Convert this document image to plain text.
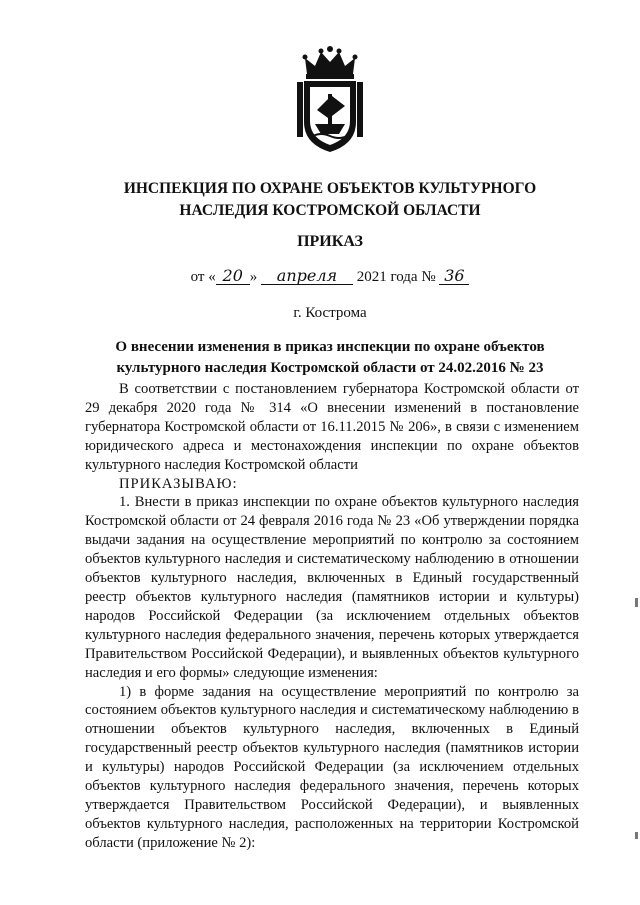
ИНСПЕКЦИЯ ПО ОХРАНЕ ОБЪЕКТОВ КУЛЬТУРНОГО
НАСЛЕДИЯ КОСТРОМСКОЙ ОБЛАСТИ
ПРИКАЗ
от « 20 » апреля 2021 года № 36
г. Кострома
О внесении изменения в приказ инспекции по охране объектов
культурного наследия Костромской области от 24.02.2016 № 23

В соответствии с постановлением губернатора Костромской области от 29 декабря 2020 года № 314 «О внесении изменений в постановление губернатора Костромской области от 16.11.2015 № 206», в связи с изменением юридического адреса и местонахождения инспекции по охране объектов культурного наследия Костромской области

ПРИКАЗЫВАЮ:

1. Внести в приказ инспекции по охране объектов культурного наследия Костромской области от 24 февраля 2016 года № 23 «Об утверждении порядка выдачи задания на осуществление мероприятий по контролю за состоянием объектов культурного наследия и систематическому наблюдению в отношении объектов культурного наследия, включенных в Единый государственный реестр объектов культурного наследия (памятников истории и культуры) народов Российской Федерации (за исключением отдельных объектов культурного наследия федерального значения, перечень которых утверждается Правительством Российской Федерации), и выявленных объектов культурного наследия и его формы» следующие изменения:

1) в форме задания на осуществление мероприятий по контролю за состоянием объектов культурного наследия и систематическому наблюдению в отношении объектов культурного наследия, включенных в Единый государственный реестр объектов культурного наследия (памятников истории и культуры) народов Российской Федерации (за исключением отдельных объектов культурного наследия федерального значения, перечень которых утверждается Правительством Российской Федерации), и выявленных объектов культурного наследия, расположенных на территории Костромской области (приложение № 2):
